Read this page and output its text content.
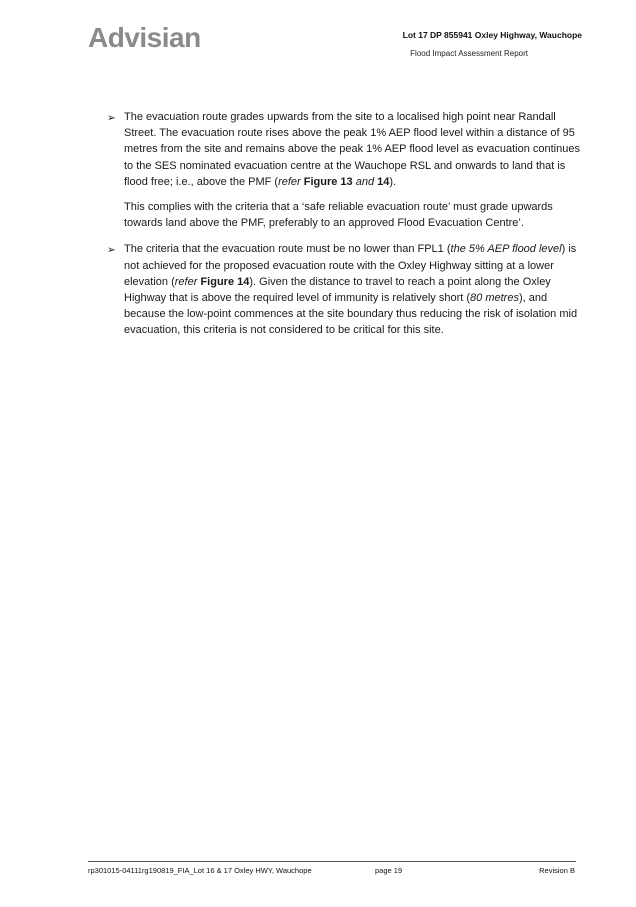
Advisian	Lot 17 DP 855941 Oxley Highway, Wauchope
Flood Impact Assessment Report
➢ The evacuation route grades upwards from the site to a localised high point near Randall Street. The evacuation route rises above the peak 1% AEP flood level within a distance of 95 metres from the site and remains above the peak 1% AEP flood level as evacuation continues to the SES nominated evacuation centre at the Wauchope RSL and onwards to land that is flood free; i.e., above the PMF (refer Figure 13 and 14).

This complies with the criteria that a ‘safe reliable evacuation route’ must grade upwards towards land above the PMF, preferably to an approved Flood Evacuation Centre’.

➢ The criteria that the evacuation route must be no lower than FPL1 (the 5% AEP flood level) is not achieved for the proposed evacuation route with the Oxley Highway sitting at a lower elevation (refer Figure 14). Given the distance to travel to reach a point along the Oxley Highway that is above the required level of immunity is relatively short (80 metres), and because the low-point commences at the site boundary thus reducing the risk of isolation mid evacuation, this criteria is not considered to be critical for this site.

rp301015-04111rg190819_FIA_Lot 16 & 17 Oxley HWY, Wauchope	page 19	Revision B
